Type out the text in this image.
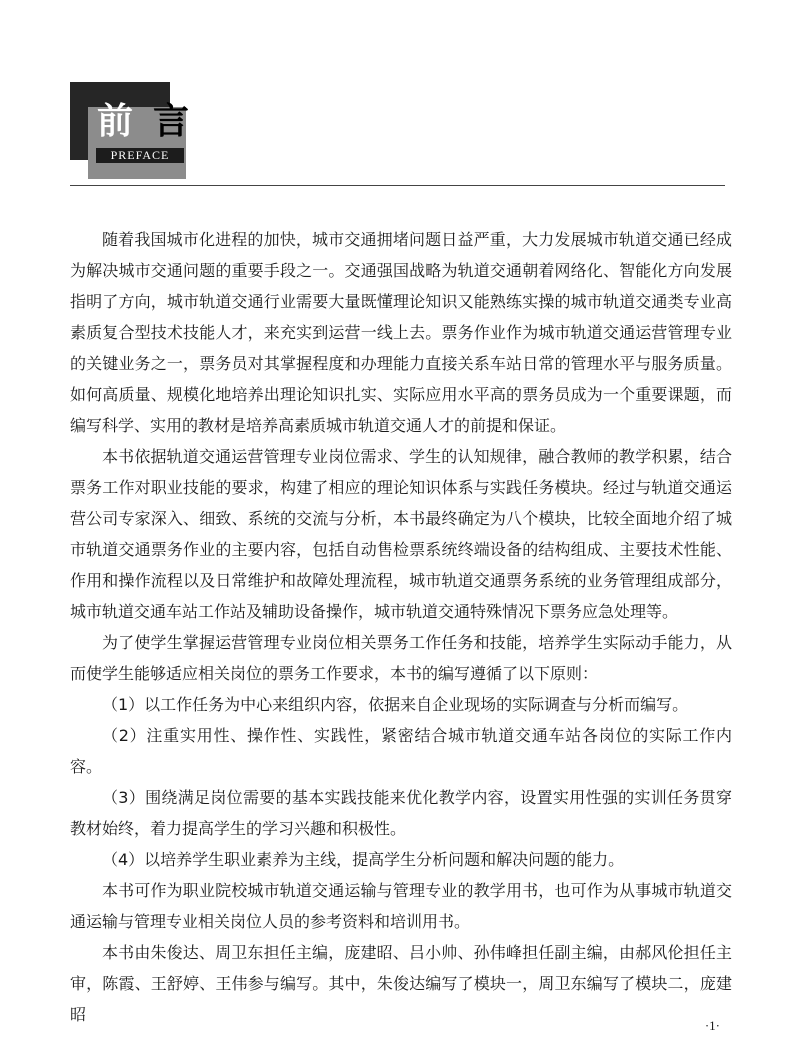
前言
PREFACE

随着我国城市化进程的加快，城市交通拥堵问题日益严重，大力发展城市轨道交通已经成为解决城市交通问题的重要手段之一。交通强国战略为轨道交通朝着网络化、智能化方向发展指明了方向，城市轨道交通行业需要大量既懂理论知识又能熟练实操的城市轨道交通类专业高素质复合型技术技能人才，来充实到运营一线上去。票务作业作为城市轨道交通运营管理专业的关键业务之一，票务员对其掌握程度和办理能力直接关系车站日常的管理水平与服务质量。如何高质量、规模化地培养出理论知识扎实、实际应用水平高的票务员成为一个重要课题，而编写科学、实用的教材是培养高素质城市轨道交通人才的前提和保证。

本书依据轨道交通运营管理专业岗位需求、学生的认知规律，融合教师的教学积累，结合票务工作对职业技能的要求，构建了相应的理论知识体系与实践任务模块。经过与轨道交通运营公司专家深入、细致、系统的交流与分析，本书最终确定为八个模块，比较全面地介绍了城市轨道交通票务作业的主要内容，包括自动售检票系统终端设备的结构组成、主要技术性能、作用和操作流程以及日常维护和故障处理流程，城市轨道交通票务系统的业务管理组成部分，城市轨道交通车站工作站及辅助设备操作，城市轨道交通特殊情况下票务应急处理等。

为了使学生掌握运营管理专业岗位相关票务工作任务和技能，培养学生实际动手能力，从而使学生能够适应相关岗位的票务工作要求，本书的编写遵循了以下原则：

（1）以工作任务为中心来组织内容，依据来自企业现场的实际调查与分析而编写。

（2）注重实用性、操作性、实践性，紧密结合城市轨道交通车站各岗位的实际工作内容。

（3）围绕满足岗位需要的基本实践技能来优化教学内容，设置实用性强的实训任务贯穿教材始终，着力提高学生的学习兴趣和积极性。

（4）以培养学生职业素养为主线，提高学生分析问题和解决问题的能力。

本书可作为职业院校城市轨道交通运输与管理专业的教学用书，也可作为从事城市轨道交通运输与管理专业相关岗位人员的参考资料和培训用书。

本书由朱俊达、周卫东担任主编，庞建昭、吕小帅、孙伟峰担任副主编，由郝风伦担任主审，陈霞、王舒婷、王伟参与编写。其中，朱俊达编写了模块一，周卫东编写了模块二，庞建昭

·1·
